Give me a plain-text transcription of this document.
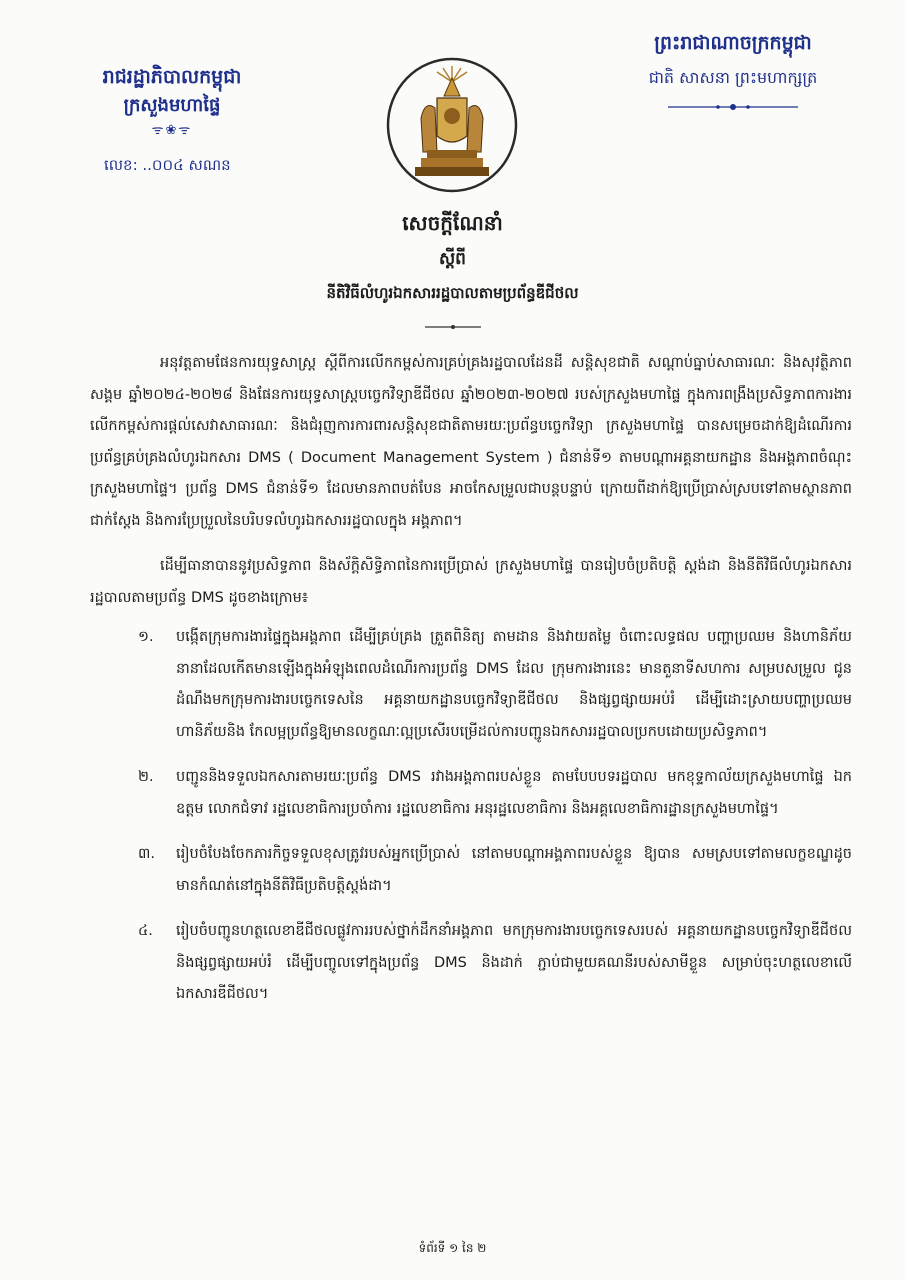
រាជរដ្ឋាភិបាលកម្ពុជា
ក្រសួងមហាផ្ទៃ
ᯤ❀ᯤ
លេខ: ..០០៤ សណន
ព្រះរាជាណាចក្រកម្ពុជា
ជាតិ សាសនា ព្រះមហាក្សត្រ
សេចក្ដីណែនាំ
ស្ដីពី
នីតិវិធីលំហូរឯកសាររដ្ឋបាលតាមប្រព័ន្ធឌីជីថល

អនុវត្តតាមផែនការយុទ្ធសាស្ត្រ ស្ដីពីការលើកកម្ពស់ការគ្រប់គ្រងរដ្ឋបាលដែនដី សន្តិសុខជាតិ សណ្ដាប់ធ្នាប់សាធារណៈ និងសុវត្ថិភាពសង្គម ឆ្នាំ២០២៤-២០២៨ និងផែនការយុទ្ធសាស្ត្របច្ចេកវិទ្យាឌីជីថល ឆ្នាំ២០២៣-២០២៧ របស់ក្រសួងមហាផ្ទៃ ក្នុងការពង្រឹងប្រសិទ្ធភាពការងារលើកកម្ពស់ការផ្ដល់សេវាសាធារណៈ និងជំរុញការការពារសន្តិសុខជាតិតាមរយៈប្រព័ន្ធបច្ចេកវិទ្យា ក្រសួងមហាផ្ទៃ បានសម្រេចដាក់ឱ្យដំណើរការ ប្រព័ន្ធគ្រប់គ្រងលំហូរឯកសារ DMS ( Document Management System ) ជំនាន់ទី១ តាមបណ្ដាអគ្គនាយកដ្ឋាន និងអង្គភាពចំណុះក្រសួងមហាផ្ទៃ។ ប្រព័ន្ធ DMS ជំនាន់ទី១ ដែលមានភាពបត់បែន អាចកែសម្រួលជាបន្តបន្ទាប់ ក្រោយពីដាក់ឱ្យប្រើប្រាស់ស្របទៅតាមស្ថានភាពជាក់ស្ដែង និងការប្រែប្រួលនៃបរិបទលំហូរឯកសាររដ្ឋបាលក្នុង អង្គភាព។

ដើម្បីធានាបាននូវប្រសិទ្ធភាព និងស័ក្ដិសិទ្ធិភាពនៃការប្រើប្រាស់ ក្រសួងមហាផ្ទៃ បានរៀបចំប្រតិបត្តិ ស្តង់ដា និងនីតិវិធីលំហូរឯកសាររដ្ឋបាលតាមប្រព័ន្ធ DMS ដូចខាងក្រោម៖

១.	បង្កើតក្រុមការងារផ្ទៃក្នុងអង្គភាព ដើម្បីគ្រប់គ្រង ត្រួតពិនិត្យ តាមដាន និងវាយតម្លៃ ចំពោះលទ្ធផល បញ្ហាប្រឈម និងហានិភ័យនានាដែលកើតមានឡើងក្នុងអំឡុងពេលដំណើរការប្រព័ន្ធ DMS ដែល ក្រុមការងារនេះ មានតួនាទីសហការ សម្របសម្រួល ជូនដំណឹងមកក្រុមការងារបច្ចេកទេសនៃ អគ្គនាយកដ្ឋានបច្ចេកវិទ្យាឌីជីថល និងផ្សព្វផ្សាយអប់រំ ដើម្បីដោះស្រាយបញ្ហាប្រឈម ហានិភ័យនិង កែលម្អប្រព័ន្ធឱ្យមានលក្ខណៈល្អប្រសើរបម្រើដល់ការបញ្ជូនឯកសាររដ្ឋបាលប្រកបដោយប្រសិទ្ធភាព។
២.	បញ្ជូននិងទទួលឯកសារតាមរយៈប្រព័ន្ធ DMS រវាងអង្គភាពរបស់ខ្លួន តាមបែបបទរដ្ឋបាល មកខុទ្ទកាល័យក្រសួងមហាផ្ទៃ ឯកឧត្តម លោកជំទាវ រដ្ឋលេខាធិការប្រចាំការ រដ្ឋលេខាធិការ អនុរដ្ឋលេខាធិការ និងអគ្គលេខាធិការដ្ឋានក្រសួងមហាផ្ទៃ។
៣.	រៀបចំបែងចែកភារកិច្ចទទួលខុសត្រូវរបស់អ្នកប្រើប្រាស់ នៅតាមបណ្ដាអង្គភាពរបស់ខ្លួន ឱ្យបាន សមស្របទៅតាមលក្ខខណ្ឌដូចមានកំណត់នៅក្នុងនីតិវិធីប្រតិបត្តិស្តង់ដា។
៤.	រៀបចំបញ្ជូនហត្ថលេខាឌីជីថលផ្លូវការរបស់ថ្នាក់ដឹកនាំអង្គភាព មកក្រុមការងារបច្ចេកទេសរបស់ អគ្គនាយកដ្ឋានបច្ចេកវិទ្យាឌីជីថល និងផ្សព្វផ្សាយអប់រំ ដើម្បីបញ្ចូលទៅក្នុងប្រព័ន្ធ DMS និងដាក់ ភ្ជាប់ជាមួយគណនីរបស់សាមីខ្លួន សម្រាប់ចុះហត្ថលេខាលើឯកសារឌីជីថល។
ទំព័រទី ១ នៃ ២
